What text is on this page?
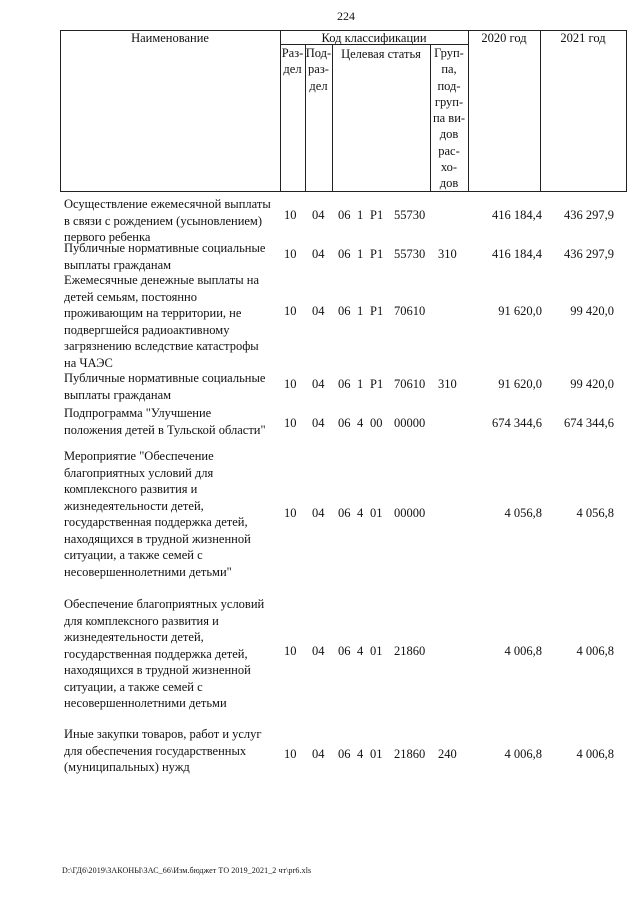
224
Наименование	Код классификации	2020 год	2021 год
Целевая статья
Раз-
дел
Под-
раз-
дел
Груп-
па,
под-
груп-
па ви-
дов
рас-
хо-
дов
Осуществление ежемесячной выплаты
в связи с рождением (усыновлением)
первого ребенка
10 04 06 1 P1 55730	416 184,4 436 297,9
Публичные нормативные социальные
выплаты гражданам
10 04 06 1 P1 55730 310	416 184,4 436 297,9
Ежемесячные денежные выплаты на
детей семьям, постоянно
проживающим на территории, не
подвергшейся радиоактивному
загрязнению вследствие катастрофы
на ЧАЭС
10 04 06 1 P1 70610	91 620,0 99 420,0
Публичные нормативные социальные
выплаты гражданам
10 04 06 1 P1 70610 310	91 620,0 99 420,0
Подпрограмма "Улучшение
положения детей в Тульской области"	10 04 06 4 00 00000	674 344,6 674 344,6
Мероприятие "Обеспечение
благоприятных условий для
комплексного развития и
жизнедеятельности детей,
государственная поддержка детей,
находящихся в трудной жизненной
ситуации, а также семей с
несовершеннолетними детьми"
10 04 06 4 01 00000	4 056,8	4 056,8
Обеспечение благоприятных условий
для комплексного развития и
жизнедеятельности детей,
государственная поддержка детей,
находящихся в трудной жизненной
ситуации, а также семей с
несовершеннолетними детьми
10 04 06 4 01 21860	4 006,8	4 006,8
Иные закупки товаров, работ и услуг
для обеспечения государственных
(муниципальных) нужд
10 04 06 4 01 21860 240	4 006,8	4 006,8
D:\ГД6\2019\ЗАКОНЫ\ЗАС_66\Изм.бюджет ТО 2019_2021_2 чт\pr6.xls
